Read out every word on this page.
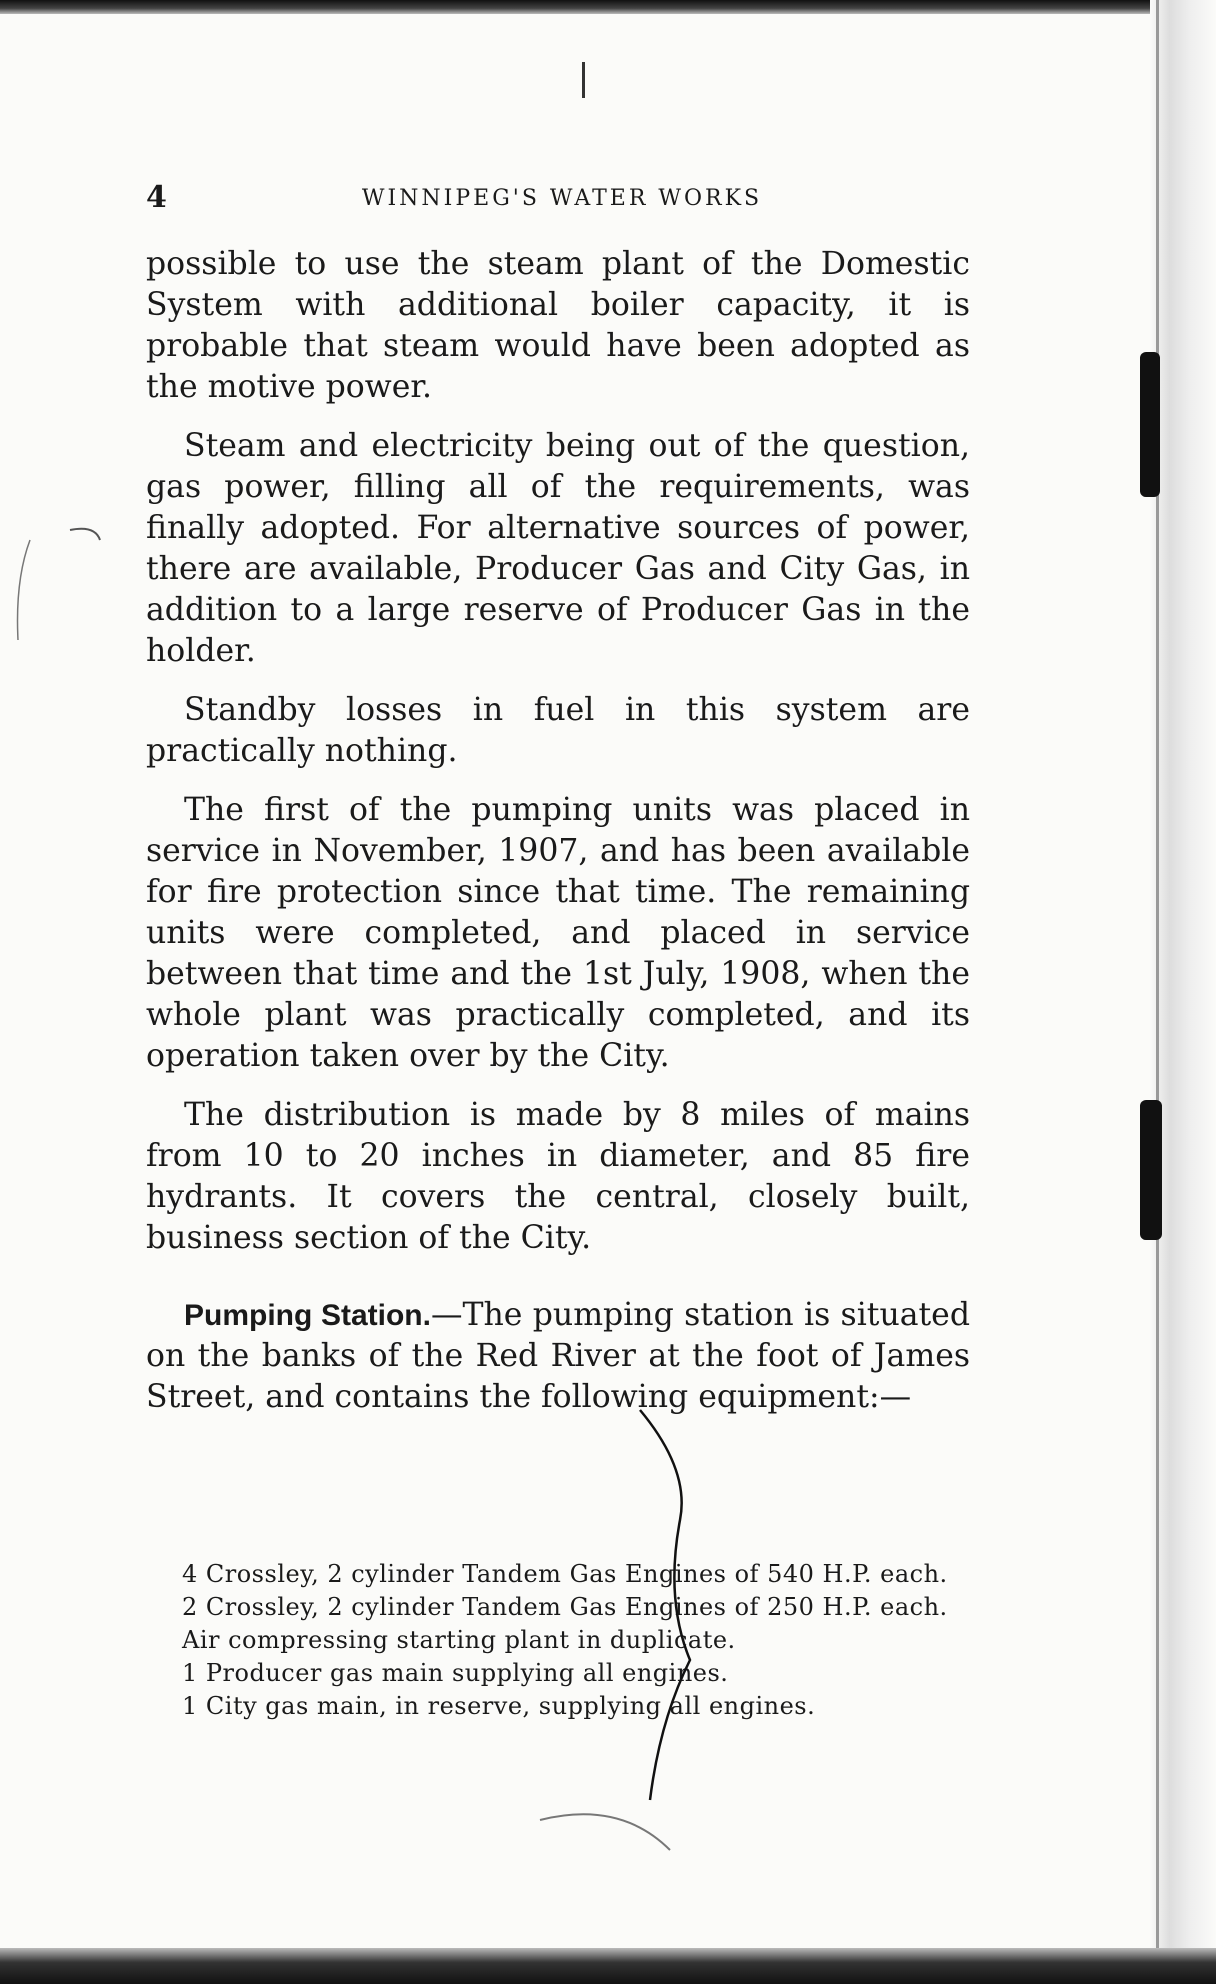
4	WINNIPEG'S WATER WORKS

possible to use the steam plant of the Domestic System with additional boiler capacity, it is probable that steam would have been adopted as the motive power.

Steam and electricity being out of the question, gas power, filling all of the requirements, was finally adopted. For alternative sources of power, there are available, Producer Gas and City Gas, in addition to a large reserve of Producer Gas in the holder.

Standby losses in fuel in this system are practically nothing.

The first of the pumping units was placed in service in November, 1907, and has been available for fire protection since that time. The remaining units were completed, and placed in service between that time and the 1st July, 1908, when the whole plant was practically completed, and its operation taken over by the City.

The distribution is made by 8 miles of mains from 10 to 20 inches in diameter, and 85 fire hydrants. It covers the central, closely built, business section of the City.

Pumping Station.—The pumping station is situated on the banks of the Red River at the foot of James Street, and contains the following equipment:—

4 Crossley, 2 cylinder Tandem Gas Engines of 540 H.P. each.

2 Crossley, 2 cylinder Tandem Gas Engines of 250 H.P. each.

Air compressing starting plant in duplicate.

1 Producer gas main supplying all engines.

1 City gas main, in reserve, supplying all engines.
